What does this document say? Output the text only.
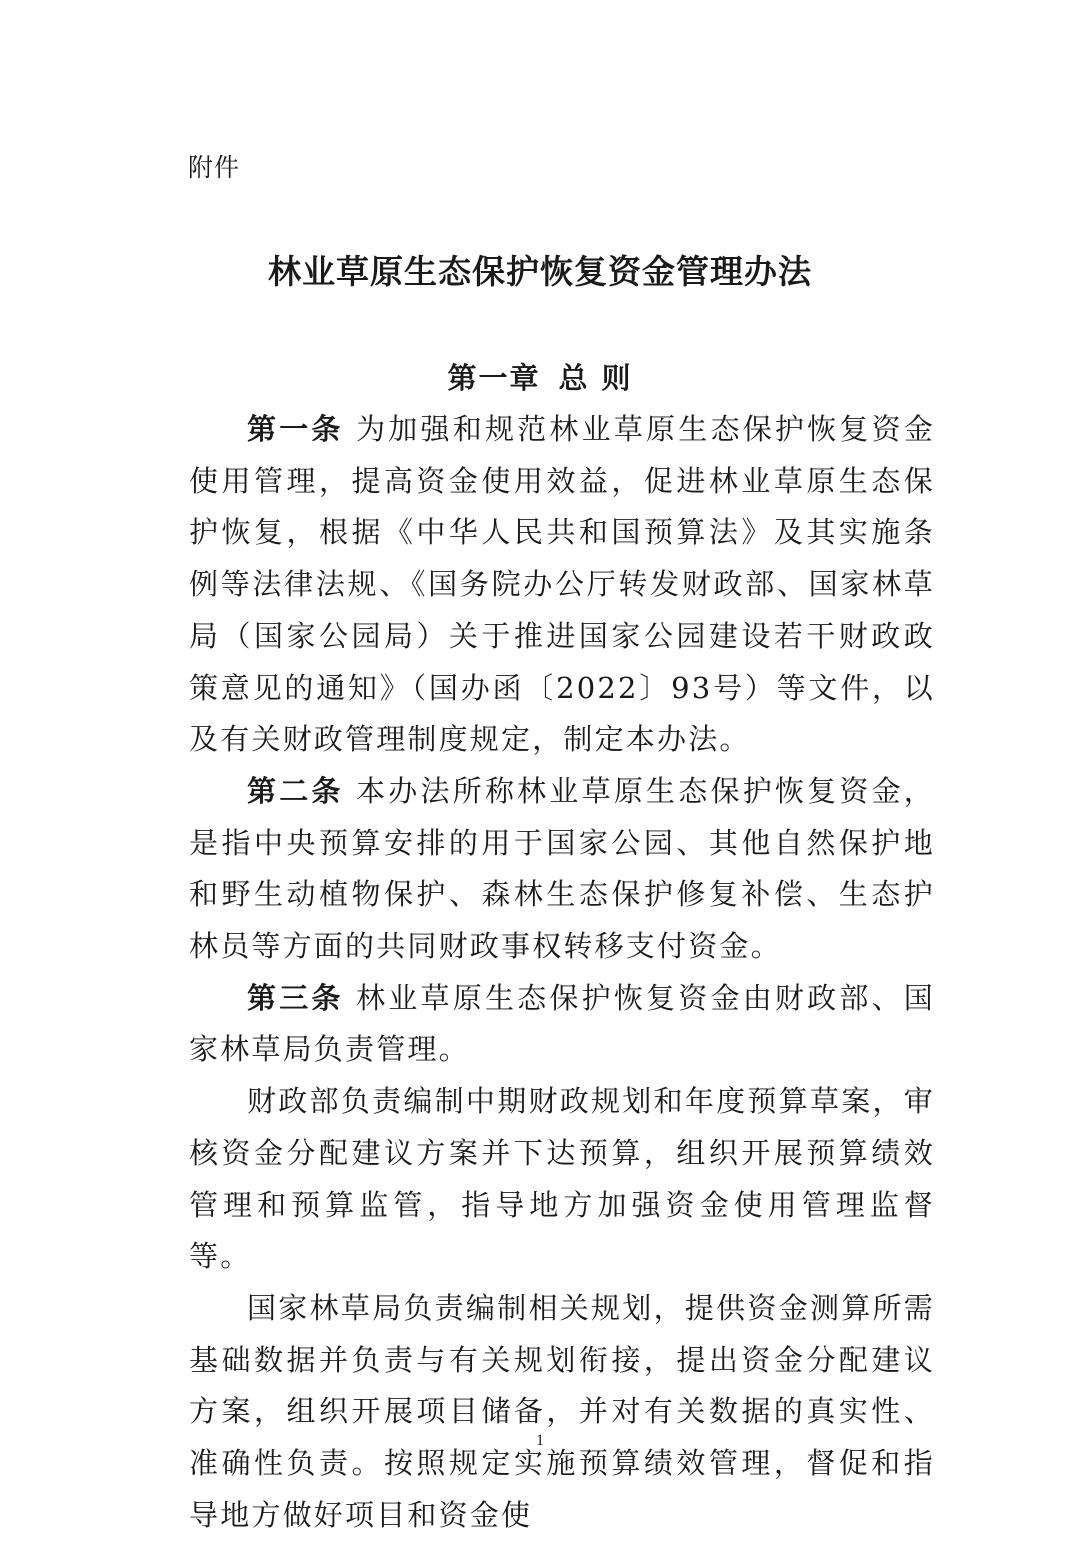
附件
林业草原生态保护恢复资金管理办法
第一章 总 则

第一条 为加强和规范林业草原生态保护恢复资金使用管理，提高资金使用效益，促进林业草原生态保护恢复，根据《中华人民共和国预算法》及其实施条例等法律法规、《国务院办公厅转发财政部、国家林草局（国家公园局）关于推进国家公园建设若干财政政策意见的通知》（国办函〔2022〕93号）等文件，以及有关财政管理制度规定，制定本办法。

第二条 本办法所称林业草原生态保护恢复资金，是指中央预算安排的用于国家公园、其他自然保护地和野生动植物保护、森林生态保护修复补偿、生态护林员等方面的共同财政事权转移支付资金。

第三条 林业草原生态保护恢复资金由财政部、国家林草局负责管理。

财政部负责编制中期财政规划和年度预算草案，审核资金分配建议方案并下达预算，组织开展预算绩效管理和预算监管，指导地方加强资金使用管理监督等。

国家林草局负责编制相关规划，提供资金测算所需基础数据并负责与有关规划衔接，提出资金分配建议方案，组织开展项目储备，并对有关数据的真实性、准确性负责。按照规定实施预算绩效管理，督促和指导地方做好项目和资金使

1
